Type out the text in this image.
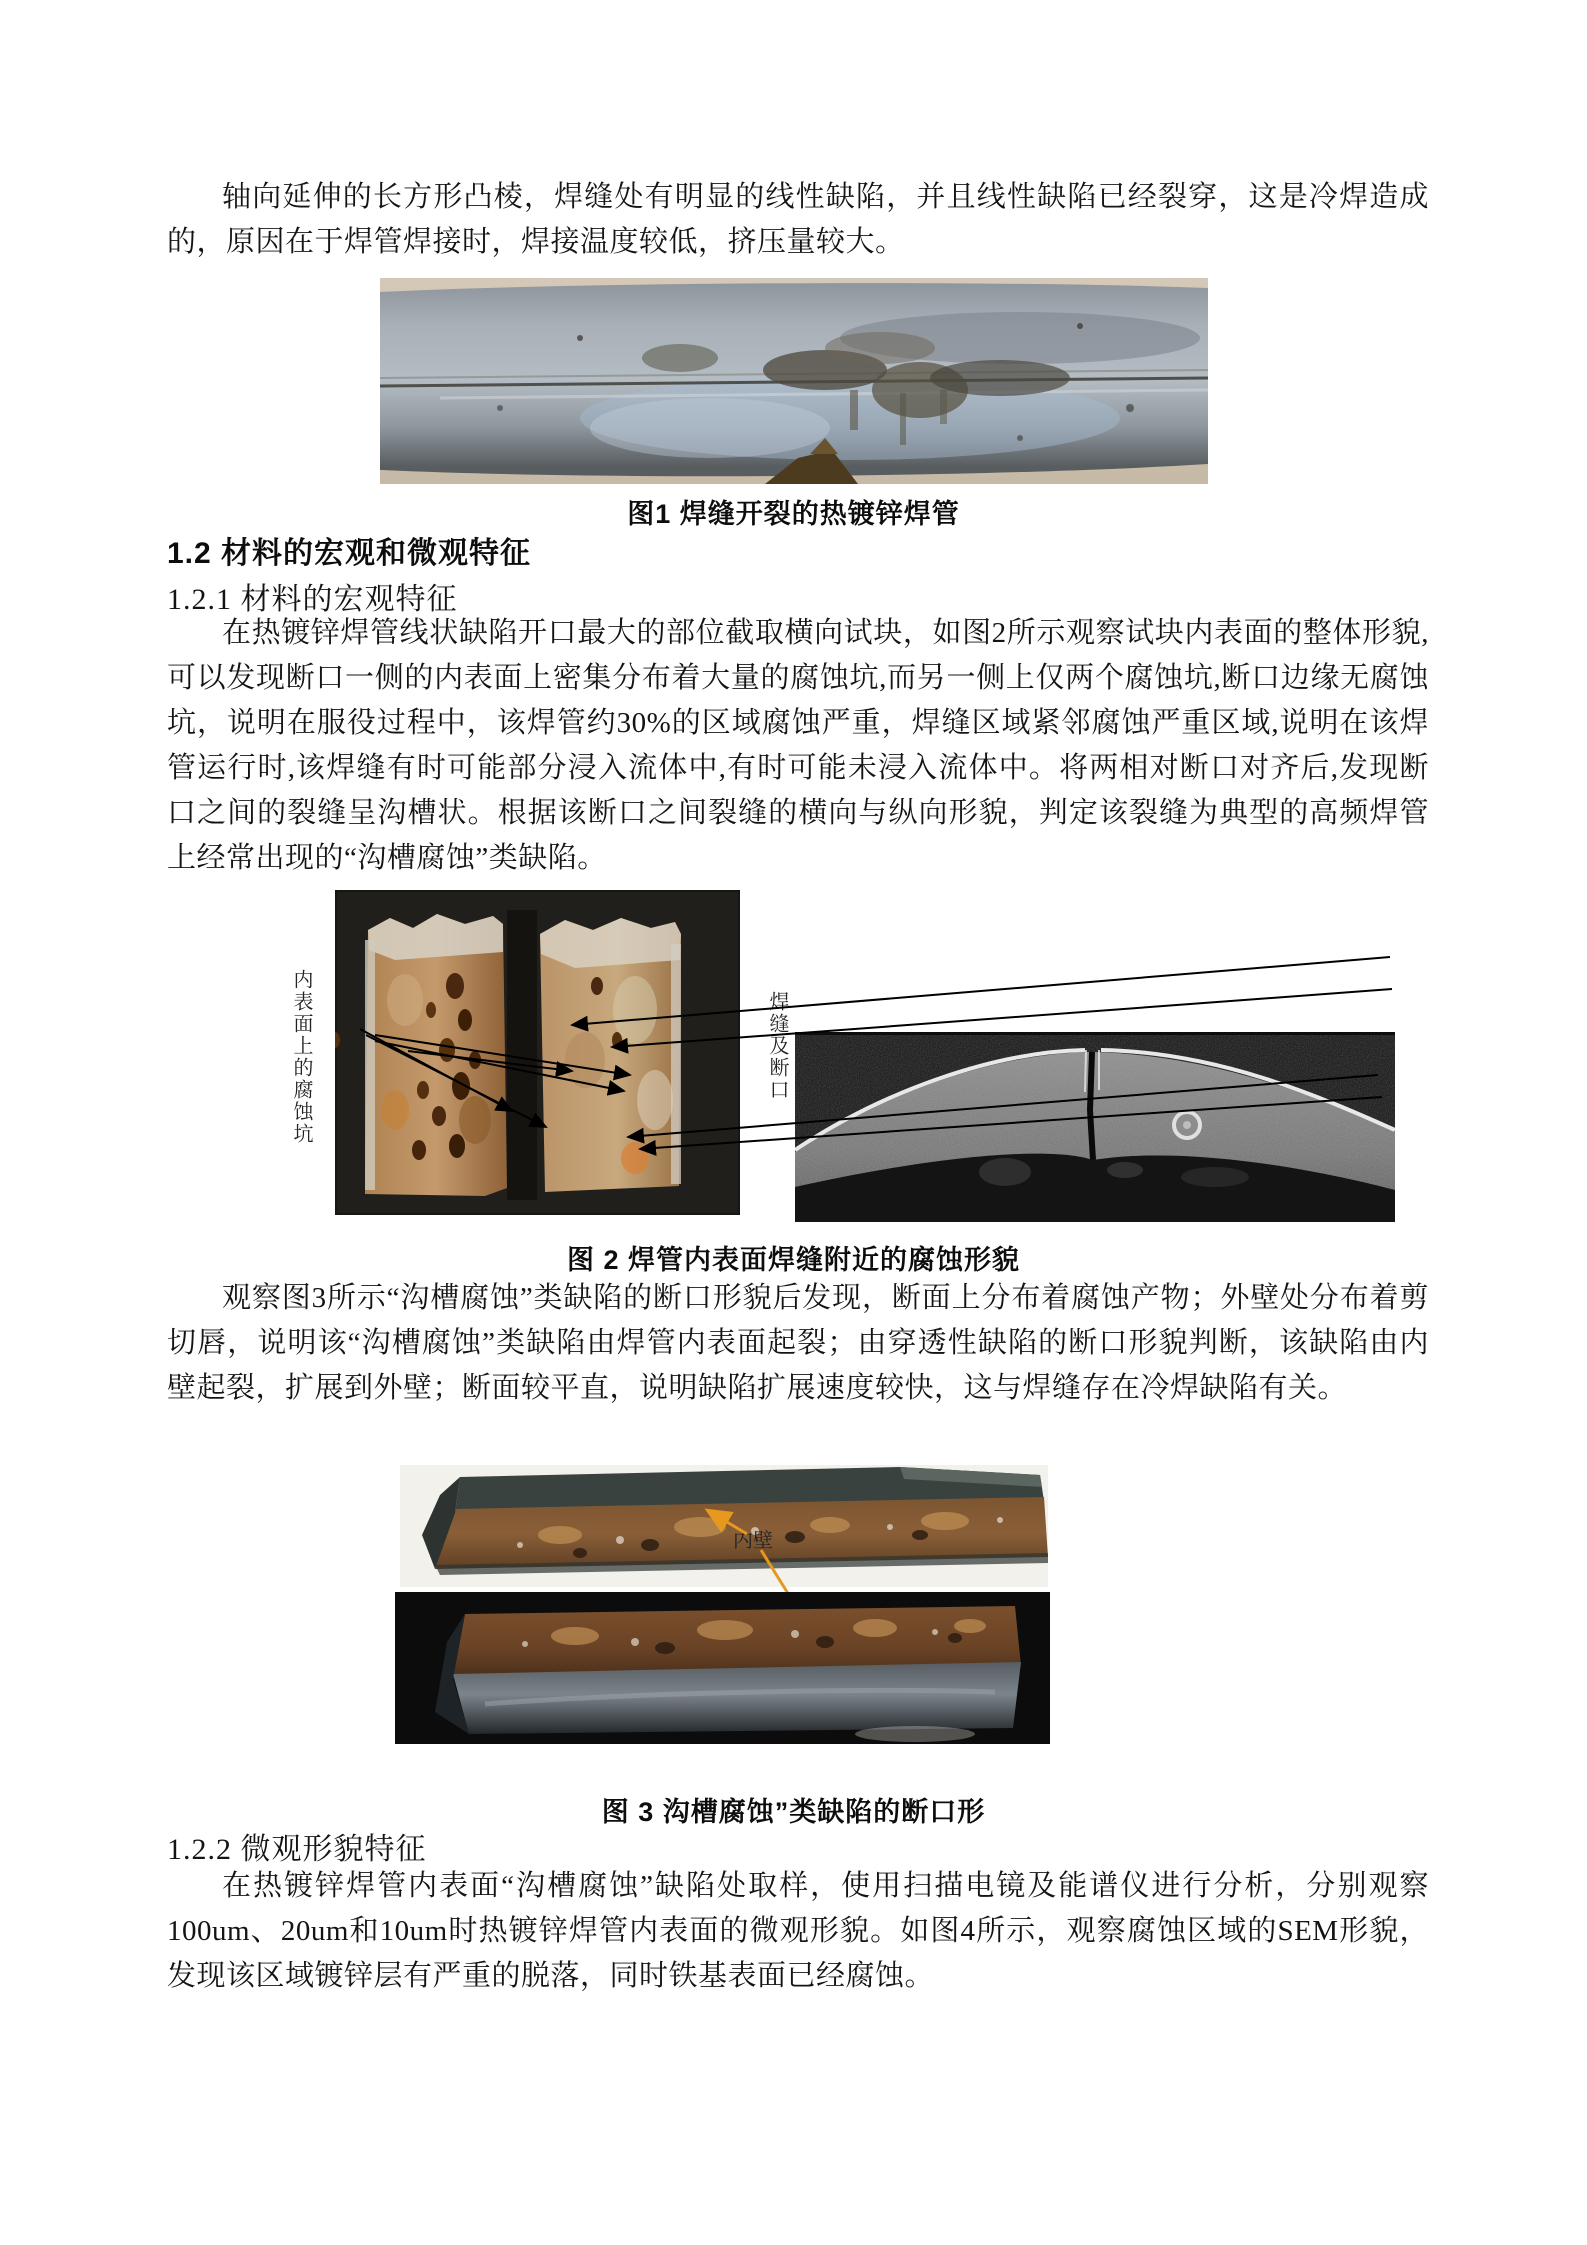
轴向延伸的长方形凸棱，焊缝处有明显的线性缺陷，并且线性缺陷已经裂穿，这是冷焊造成的，原因在于焊管焊接时，焊接温度较低，挤压量较大。
图1 焊缝开裂的热镀锌焊管
1.2 材料的宏观和微观特征
1.2.1 材料的宏观特征
在热镀锌焊管线状缺陷开口最大的部位截取横向试块，如图2所示观察试块内表面的整体形貌,可以发现断口一侧的内表面上密集分布着大量的腐蚀坑,而另一侧上仅两个腐蚀坑,断口边缘无腐蚀坑，说明在服役过程中，该焊管约30%的区域腐蚀严重，焊缝区域紧邻腐蚀严重区域,说明在该焊管运行时,该焊缝有时可能部分浸入流体中,有时可能未浸入流体中。将两相对断口对齐后,发现断口之间的裂缝呈沟槽状。根据该断口之间裂缝的横向与纵向形貌，判定该裂缝为典型的高频焊管上经常出现的“沟槽腐蚀”类缺陷。
内表面上的腐蚀坑	焊缝及断口
图 2 焊管内表面焊缝附近的腐蚀形貌
观察图3所示“沟槽腐蚀”类缺陷的断口形貌后发现，断面上分布着腐蚀产物；外壁处分布着剪切唇，说明该“沟槽腐蚀”类缺陷由焊管内表面起裂；由穿透性缺陷的断口形貌判断，该缺陷由内壁起裂，扩展到外壁；断面较平直，说明缺陷扩展速度较快，这与焊缝存在冷焊缺陷有关。
内壁
图 3 沟槽腐蚀”类缺陷的断口形
1.2.2 微观形貌特征
在热镀锌焊管内表面“沟槽腐蚀”缺陷处取样，使用扫描电镜及能谱仪进行分析，分别观察100um、20um和10um时热镀锌焊管内表面的微观形貌。如图4所示，观察腐蚀区域的SEM形貌，发现该区域镀锌层有严重的脱落，同时铁基表面已经腐蚀。
